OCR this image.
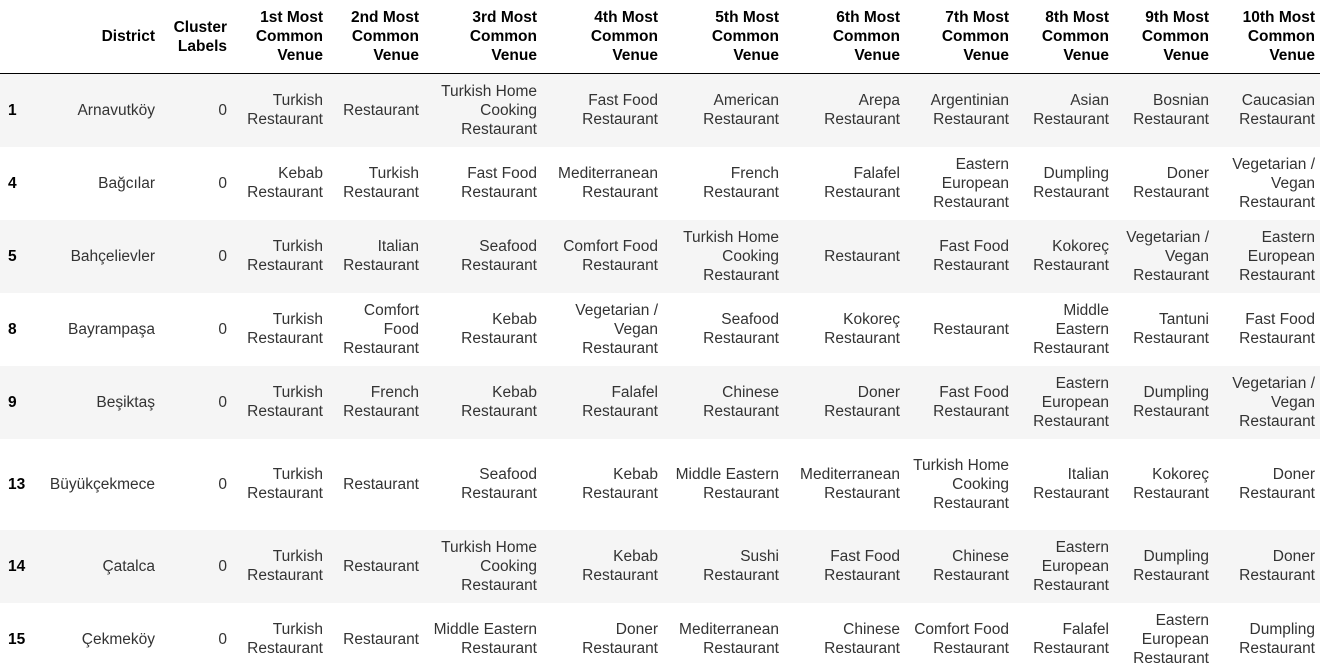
	District	Cluster Labels	1st Most Common Venue	2nd Most Common Venue	3rd Most Common Venue	4th Most Common Venue	5th Most Common Venue	6th Most Common Venue	7th Most Common Venue	8th Most Common Venue	9th Most Common Venue	10th Most Common Venue
1	Arnavutköy	0	Turkish Restaurant	Restaurant	Turkish Home Cooking Restaurant	Fast Food Restaurant	American Restaurant	Arepa Restaurant	Argentinian Restaurant	Asian Restaurant	Bosnian Restaurant	Caucasian Restaurant
4	Bağcılar	0	Kebab Restaurant	Turkish Restaurant	Fast Food Restaurant	Mediterranean Restaurant	French Restaurant	Falafel Restaurant	Eastern European Restaurant	Dumpling Restaurant	Doner Restaurant	Vegetarian / Vegan Restaurant
5	Bahçelievler	0	Turkish Restaurant	Italian Restaurant	Seafood Restaurant	Comfort Food Restaurant	Turkish Home Cooking Restaurant	Restaurant	Fast Food Restaurant	Kokoreç Restaurant	Vegetarian / Vegan Restaurant	Eastern European Restaurant
8	Bayrampaşa	0	Turkish Restaurant	Comfort Food Restaurant	Kebab Restaurant	Vegetarian / Vegan Restaurant	Seafood Restaurant	Kokoreç Restaurant	Restaurant	Middle Eastern Restaurant	Tantuni Restaurant	Fast Food Restaurant
9	Beşiktaş	0	Turkish Restaurant	French Restaurant	Kebab Restaurant	Falafel Restaurant	Chinese Restaurant	Doner Restaurant	Fast Food Restaurant	Eastern European Restaurant	Dumpling Restaurant	Vegetarian / Vegan Restaurant
13	Büyükçekmece	0	Turkish Restaurant	Restaurant	Seafood Restaurant	Kebab Restaurant	Middle Eastern Restaurant	Mediterranean Restaurant	Turkish Home Cooking Restaurant	Italian Restaurant	Kokoreç Restaurant	Doner Restaurant
14	Çatalca	0	Turkish Restaurant	Restaurant	Turkish Home Cooking Restaurant	Kebab Restaurant	Sushi Restaurant	Fast Food Restaurant	Chinese Restaurant	Eastern European Restaurant	Dumpling Restaurant	Doner Restaurant
15	Çekmeköy	0	Turkish Restaurant	Restaurant	Middle Eastern Restaurant	Doner Restaurant	Mediterranean Restaurant	Chinese Restaurant	Comfort Food Restaurant	Falafel Restaurant	Eastern European Restaurant	Dumpling Restaurant
